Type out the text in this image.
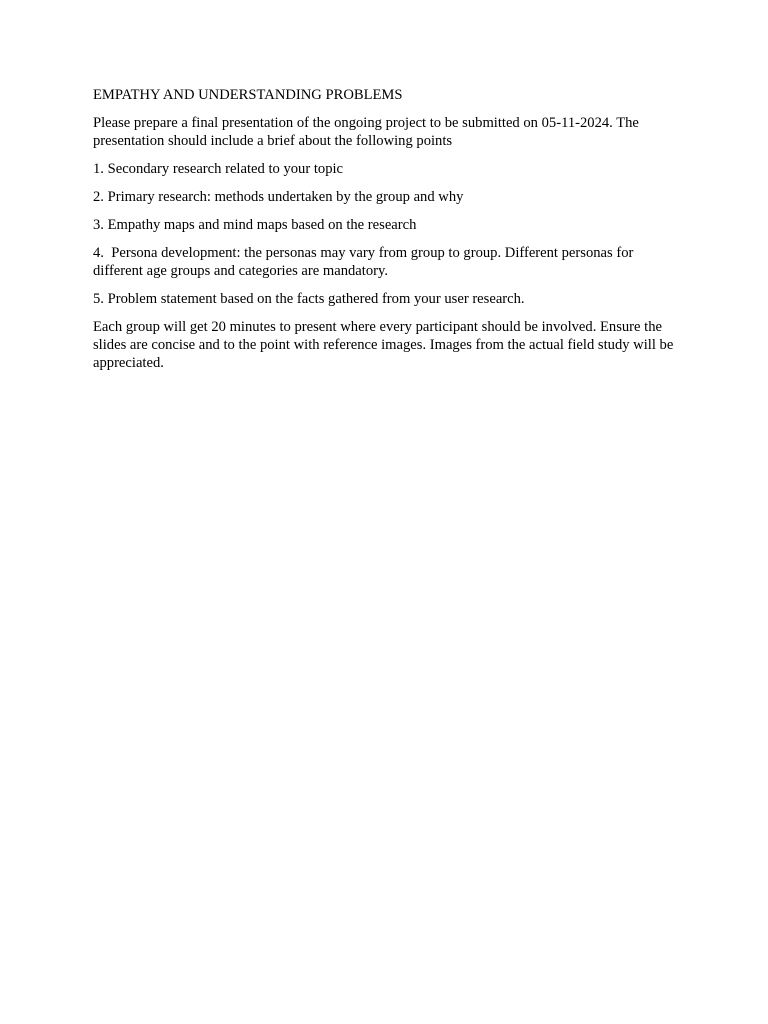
EMPATHY AND UNDERSTANDING PROBLEMS

Please prepare a final presentation of the ongoing project to be submitted on 05-11-2024. The presentation should include a brief about the following points

1. Secondary research related to your topic

2. Primary research: methods undertaken by the group and why

3. Empathy maps and mind maps based on the research

4.  Persona development: the personas may vary from group to group. Different personas for different age groups and categories are mandatory.

5. Problem statement based on the facts gathered from your user research.

Each group will get 20 minutes to present where every participant should be involved. Ensure the slides are concise and to the point with reference images. Images from the actual field study will be appreciated.
